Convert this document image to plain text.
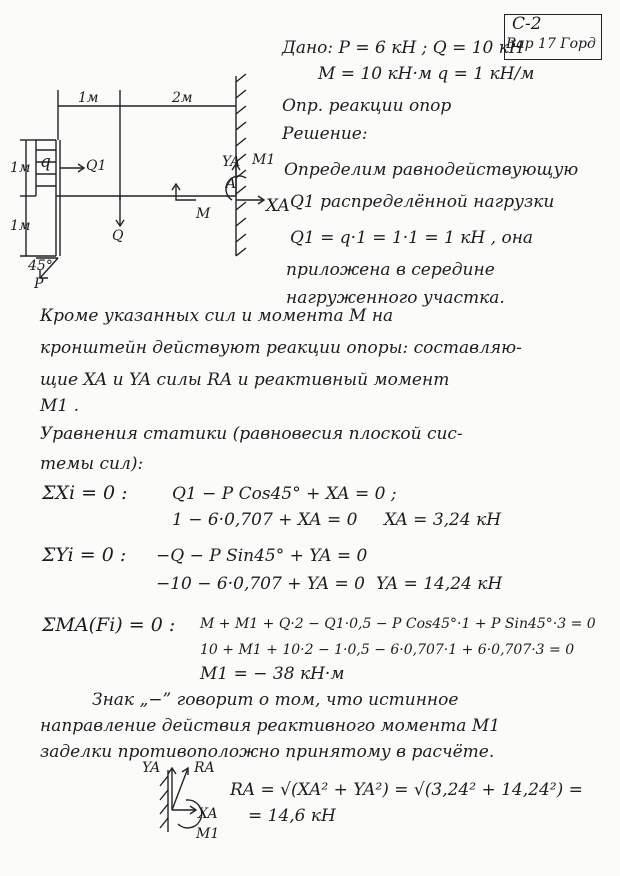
С-2
Вар 17 Горд
Дано: P = 6 кН ; Q = 10 кН
M = 10 кН·м q = 1 кН/м
Опр. реакции опор
Решение:
1м	2м
1м
1м
q	Q1
Q
M
YA M1
A
XA
45°
P
Определим равнодействующую
Q1 распределённой нагрузки
Q1 = q·1 = 1·1 = 1 кН , она
приложена в середине
нагруженного участка.
Кроме указанных сил и момента M на
кронштейн действуют реакции опоры: составляю-
щие XA и YA силы RA и реактивный момент
M1 .
Уравнения статики (равновесия плоской сис-
темы сил):
ΣXi = 0 :	Q1 − P Cos45° + XA = 0 ;
1 − 6·0,707 + XA = 0 XA = 3,24 кН
ΣYi = 0 : −Q − P Sin45° + YA = 0
−10 − 6·0,707 + YA = 0 YA = 14,24 кН
ΣMA(Fi) = 0 : M + M1 + Q·2 − Q1·0,5 − P Cos45°·1 + P Sin45°·3 = 0
10 + M1 + 10·2 − 1·0,5 − 6·0,707·1 + 6·0,707·3 = 0
M1 = − 38 кН·м
Знак „−” говорит о том, что истинное
направление действия реактивного момента M1
заделки противоположно принятому в расчёте.
YA RA
XA
M1
RA = √(XA² + YA²) = √(3,24² + 14,24²) =
= 14,6 кН
